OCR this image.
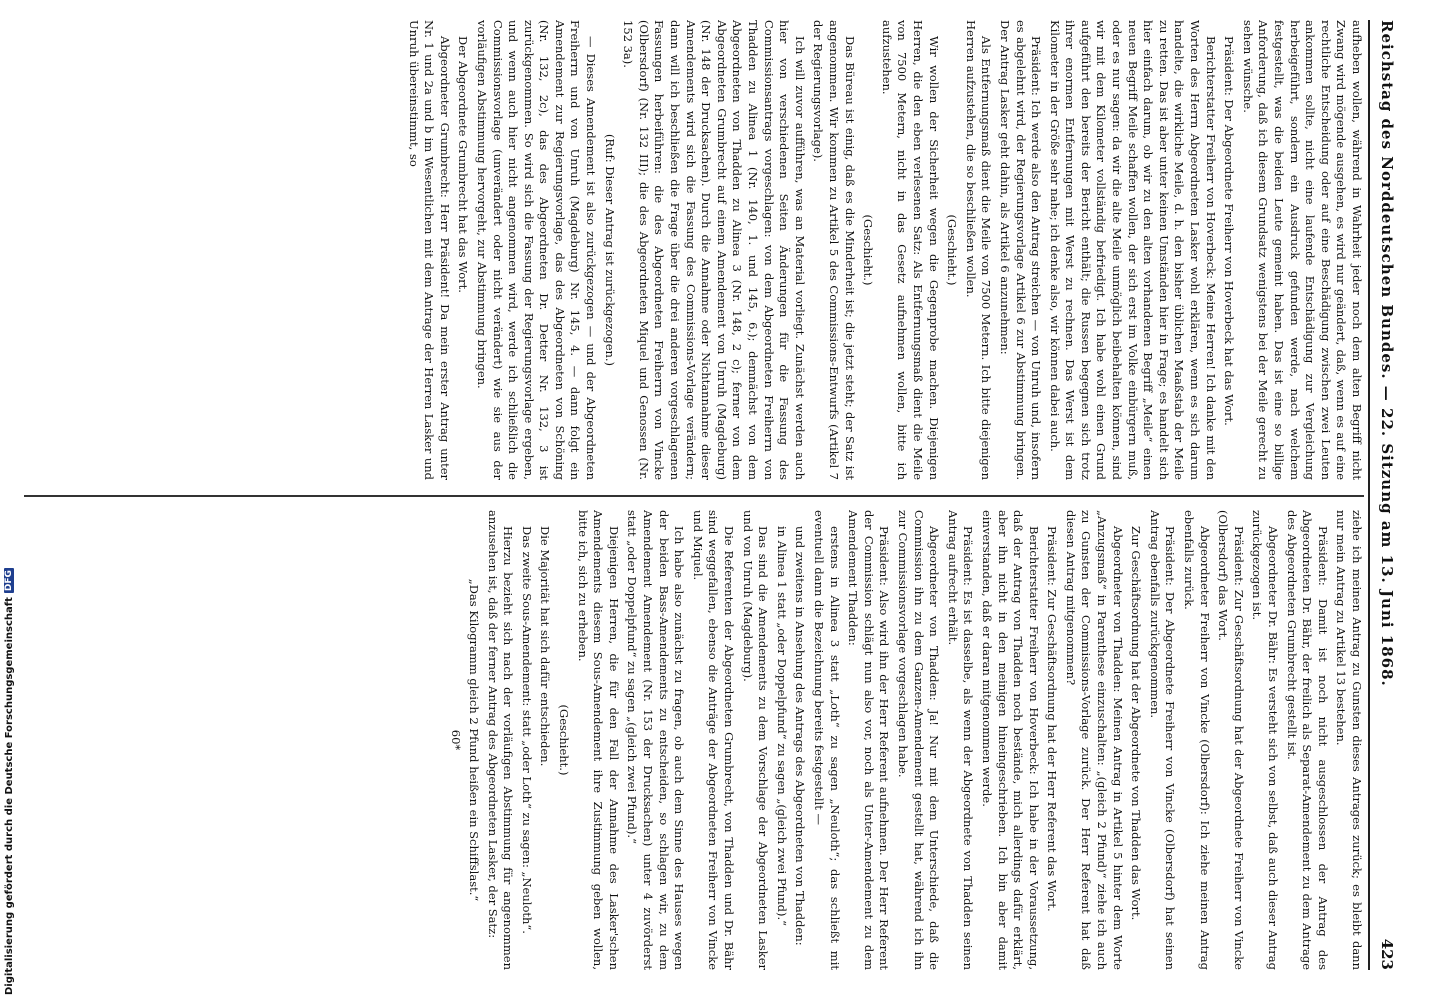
Reichstag des Norddeutschen Bundes. — 22. Sitzung am 13. Juni 1868.
423

aufheben wollen, während in Wahrheit jeder noch dem alten Begriff nicht Zwang wird mögende ausgehen, es wird nur geändert, daß, wenn es auf eine rechtliche Entscheidung oder auf eine Beschädigung zwischen zwei Leuten ankommen sollte, nicht eine laufende Entschädigung zur Vergleichung herbeigeführt, sondern ein Ausdruck gefunden werde, nach welchem festgestellt, was die beiden Leute gemeint haben. Das ist eine so billige Anforderung, daß ich diesem Grundsatz wenigstens bei der Meile gerecht zu sehen wünsche.

Präsident: Der Abgeordnete Freiherr von Hoverbeck hat das Wort.

Berichterstatter Freiherr von Hoverbeck: Meine Herren! Ich danke mit den Worten des Herrn Abgeordneten Lasker wohl erklären, wenn es sich darum handelte, die wirkliche Meile, d. h. den bisher üblichen Maaßstab der Meile zu retten. Das ist aber unter keinen Umständen hier in Frage; es handelt sich hier einfach darum, ob wir zu den alten vorhandenen Begriff „Meile“ einen neuen Begriff Meile schaffen wollen, der sich erst im Volke einbürgern muß, oder es nur sagen: da wir die alte Meile unmöglich beibehalten können, sind wir mit dem Kilometer vollständig befriedigt. Ich habe wohl einen Grund aufgeführt den bereits der Bericht enthält; die Russen begegnen sich trotz ihrer enormen Entfernungen mit Werst zu rechnen. Das Werst ist dem Kilometer in der Größe sehr nahe; ich denke also, wir können dabei auch.

Präsident: Ich werde also den Antrag streichen — von Unruh und, insofern es abgelehnt wird, der Regierungsvorlage Artikel 6 zur Abstimmung bringen. Der Antrag Lasker geht dahin, als Artikel 6 anzunehmen:

Als Entfernungsmaß dient die Meile von 7500 Metern. Ich bitte diejenigen Herren aufzustehen, die so beschließen wollen.

(Geschieht.)

Wir wollen der Sicherheit wegen die Gegenprobe machen. Diejenigen Herren, die den eben verlesenen Satz: Als Entfernungsmaß dient die Meile von 7500 Metern, nicht in das Gesetz aufnehmen wollen, bitte ich aufzustehen.

(Geschieht.)

Das Büreau ist einig, daß es die Minderheit ist; die jetzt steht; der Satz ist angenommen. Wir kommen zu Artikel 5 des Commissions-Entwurfs (Artikel 7 der Regierungsvorlage).

Ich will zuvor aufführen, was an Material vorliegt. Zunächst werden auch hier von verschiedenen Seiten Änderungen für die Fassung des Commissionsantrags vorgeschlagen: von dem Abgeordneten Freiherrn von Thadden zu Alinea 1 (Nr. 140, 1. und 145, 6.); demnächst von dem Abgeordneten von Thadden zu Alinea 3 (Nr. 148, 2 c); ferner von dem Abgeordneten Grumbrecht auf einem Amendement von Unruh (Magdeburg) (Nr. 148 der Drucksachen). Durch die Annahme oder Nichtannahme dieser Amendements wird sich die Fassung des Commissions-Vorlage verändern; dann will ich beschließen die Frage über die drei anderen vorgeschlagenen Fassungen herbeiführen: die des Abgeordneten Freiherrn von Vincke (Olbersdorf) (Nr. 132 III); die des Abgeordneten Miquel und Genossen (Nr. 152 3a).

(Ruf: Dieser Antrag ist zurückgezogen.)

— Dieses Amendement ist also zurückgezogen — und der Abgeordneten Freiherrn und von Unruh (Magdeburg) Nr. 145, 4. — dann folgt ein Amendement zur Regierungsvorlage, das des Abgeordneten von Schöning (Nr. 132, 2c), das des Abgeordneten Dr. Detter Nr. 132, 3 ist zurückgenommen. So wird sich die Fassung der Regierungsvorlage ergeben, und wenn auch hier nicht angenommen wird, werde ich schließlich die Commissionsvorlage (unverändert oder nicht verändert) wie sie aus der vorläufigen Abstimmung hervorgeht, zur Abstimmung bringen.

Der Abgeordnete Grumbrecht hat das Wort.

Abgeordneter Grumbrecht: Herr Präsident! Da mein erster Antrag unter Nr. 1 und 2a und b im Wesentlichen mit dem Antrage der Herren Lasker und Unruh übereinstimmt, so

ziehe ich meinen Antrag zu Gunsten dieses Antrages zurück; es bleibt dann nur mein Antrag zu Artikel 13 bestehen.

Präsident: Damit ist noch nicht ausgeschlossen der Antrag des Abgeordneten Dr. Bähr, der freilich als Separat-Amendement zu dem Antrage des Abgeordneten Grumbrecht gestellt ist.

Abgeordneter Dr. Bähr: Es versteht sich von selbst, daß auch dieser Antrag zurückgezogen ist.

Präsident: Zur Geschäftsordnung hat der Abgeordnete Freiherr von Vincke (Olbersdorf) das Wort.

Abgeordneter Freiherr von Vincke (Olbersdorf): Ich ziehe meinen Antrag ebenfalls zurück.

Präsident: Der Abgeordnete Freiherr von Vincke (Olbersdorf) hat seinen Antrag ebenfalls zurückgenommen.

Zur Geschäftsordnung hat der Abgeordnete von Thadden das Wort.

Abgeordneter von Thadden: Meinen Antrag in Artikel 5 hinter dem Worte „Anzugsmaß“ in Parenthese einzuschalten: „(gleich 2 Pfund)“ ziehe ich auch zu Gunsten der Commissions-Vorlage zurück. Der Herr Referent hat daß diesen Antrag mitgenommen?

Präsident: Zur Geschäftsordnung hat der Herr Referent das Wort.

Berichterstatter Freiherr von Hoverbeck: Ich habe in der Voraussetzung, daß der Antrag von Thadden noch bestände, mich allerdings dafür erklärt, aber ihn nicht in den meinigen hineingeschrieben. Ich bin aber damit einverstanden, daß er daran mitgenommen werde.

Präsident: Es ist dasselbe, als wenn der Abgeordnete von Thadden seinen Antrag aufrecht erhält.

Abgeordneter von Thadden: Ja! Nur mit dem Unterschiede, daß die Commission ihn zu dem Ganzen-Amendement gestellt hat, während ich ihn zur Commissionsvorlage vorgeschlagen habe.

Präsident: Also wird ihn der Herr Referent aufnehmen. Der Herr Referent der Commission schlägt nun also vor, noch als Unter-Amendement zu dem Amendement Thadden:

erstens in Alinea 3 statt „Loth“ zu sagen „Neuloth“; das schließt mit eventuell dann die Bezeichnung bereits festgestellt —

und zweitens in Ansehung des Antrags des Abgeordneten von Thadden:

in Alinea 1 statt „oder Doppelpfund“ zu sagen „(gleich zwei Pfund).“

Das sind die Amendements zu dem Vorschlage der Abgeordneten Lasker und von Unruh (Magdeburg).

Die Referenten der Abgeordneten Grumbrecht, von Thadden und Dr. Bähr sind weggefallen, ebenso die Anträge der Abgeordneten Freiherr von Vincke und Miquel.

Ich habe also zunächst zu fragen, ob auch dem Sinne des Hauses wegen der beiden Bass-Amendements zu entscheiden, so schlagen wir, zu dem Amendement Amendement (Nr. 153 der Drucksachen) unter 4 zuvörderst statt „oder Doppelpfund“ zu sagen „(gleich zwei Pfund).“

Diejenigen Herren, die für den Fall der Annahme des Lasker'schen Amendements diesem Sous-Amendement ihre Zustimmung geben wollen, bitte ich, sich zu erheben.

(Geschieht.)

Die Majorität hat sich dafür entschieden.

Das zweite Sous-Amendement: statt „oder Loth“ zu sagen: „Neuloth“.

Hierzu bezieht sich nach der vorläufigen Abstimmung für angenommen anzusehen ist, daß der ferner Antrag des Abgeordneten Lasker, der Satz:

„Das Kilogramm gleich 2 Pfund heißen ein Schiffslast.“

60*

Digitalisierung gefördert durch die Deutsche Forschungsgemeinschaft
DFG
